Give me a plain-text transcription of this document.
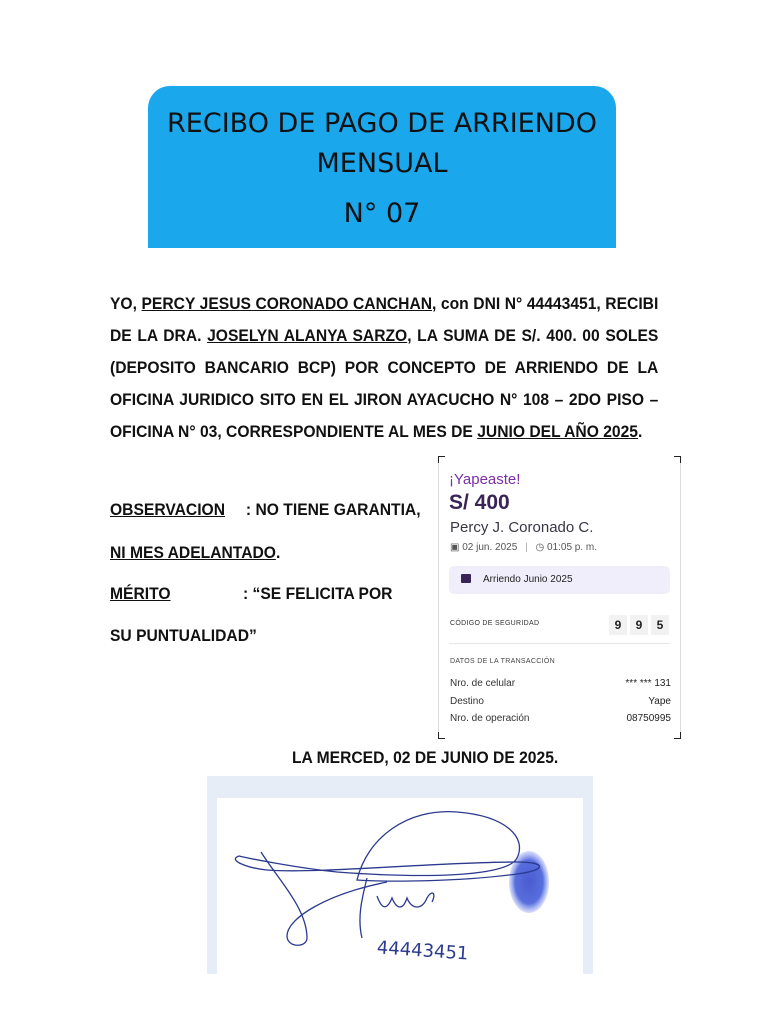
RECIBO DE PAGO DE ARRIENDO
MENSUAL
N° 07
YO, PERCY JESUS CORONADO CANCHAN, con DNI N° 44443451, RECIBI DE LA DRA. JOSELYN ALANYA SARZO, LA SUMA DE S/. 400. 00 SOLES (DEPOSITO BANCARIO BCP) POR CONCEPTO DE ARRIENDO DE LA OFICINA JURIDICO SITO EN EL JIRON AYACUCHO N° 108 – 2DO PISO – OFICINA N° 03, CORRESPONDIENTE AL MES DE JUNIO DEL AÑO 2025.
OBSERVACION : NO TIENE GARANTIA,
NI MES ADELANTADO.
MÉRITO	: “SE FELICITA POR
SU PUNTUALIDAD”
¡Yapeaste!
S/ 400
Percy J. Coronado C.
▣ 02 jun. 2025 | ◷ 01:05 p. m.
Arriendo Junio 2025
CÓDIGO DE SEGURIDAD	9	9	5
DATOS DE LA TRANSACCIÓN
Nro. de celular	*** *** 131
Destino	Yape
Nro. de operación	08750995
LA MERCED, 02 DE JUNIO DE 2025.
44443451
